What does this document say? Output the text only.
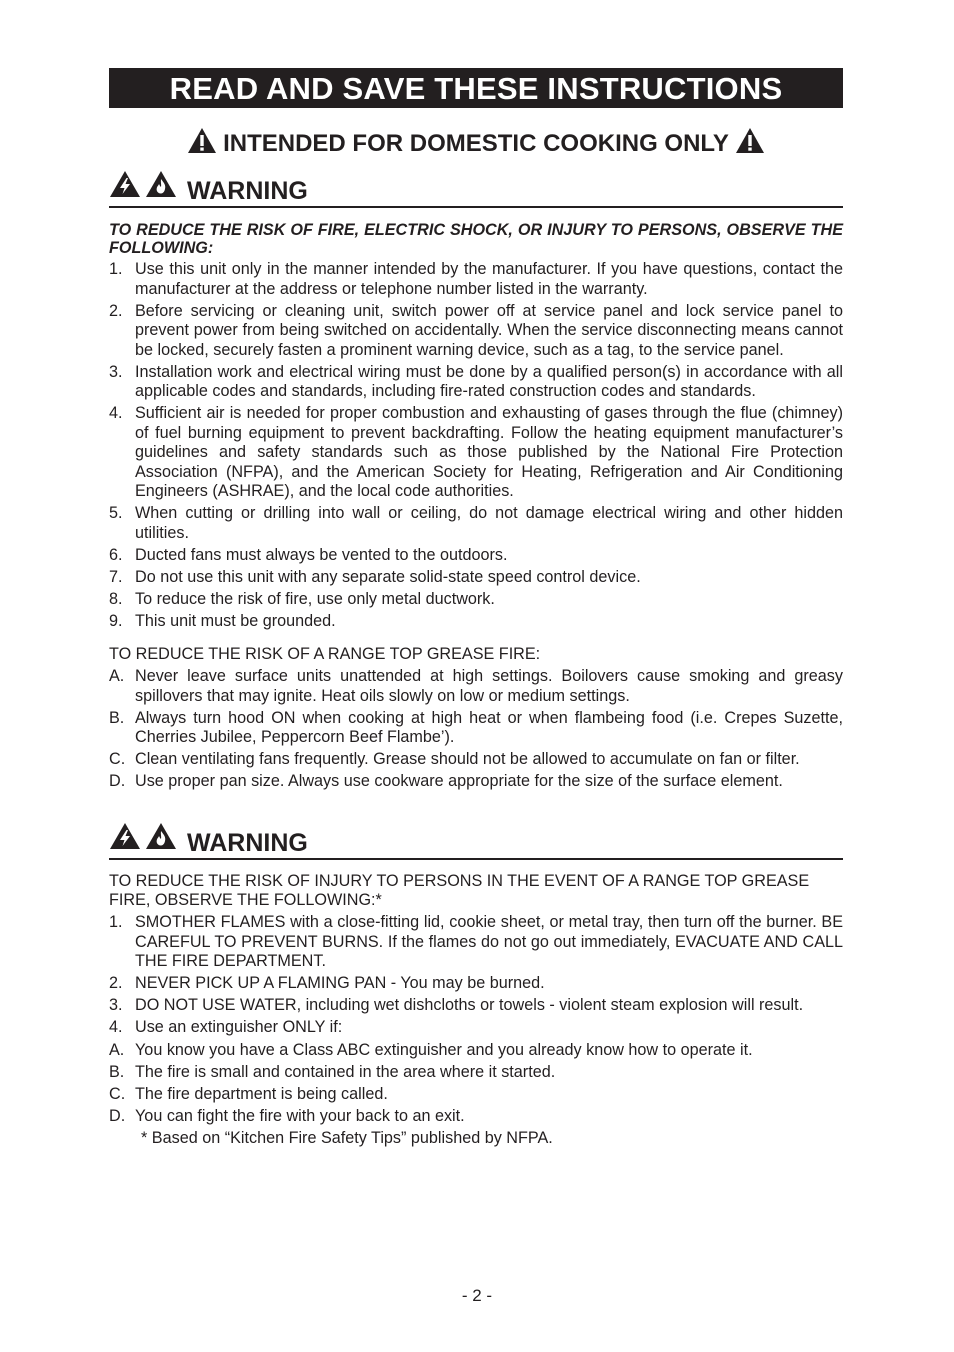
READ AND SAVE THESE INSTRUCTIONS
INTENDED FOR DOMESTIC COOKING ONLY
WARNING
TO REDUCE THE RISK OF FIRE, ELECTRIC SHOCK, OR INJURY TO PERSONS, OBSERVE THE FOLLOWING:
1. Use this unit only in the manner intended by the manufacturer. If you have questions, contact the manufacturer at the address or telephone number listed in the warranty.
2. Before servicing or cleaning unit, switch power off at service panel and lock service panel to prevent power from being switched on accidentally. When the service disconnecting means cannot be locked, securely fasten a prominent warning device, such as a tag, to the service panel.
3. Installation work and electrical wiring must be done by a qualified person(s) in accordance with all applicable codes and standards, including fire-rated construction codes and standards.
4. Sufficient air is needed for proper combustion and exhausting of gases through the flue (chimney) of fuel burning equipment to prevent backdrafting. Follow the heating equipment manufacturer’s guidelines and safety standards such as those published by the National Fire Protection Association (NFPA), and the American Society for Heating, Refrigeration and Air Conditioning Engineers (ASHRAE), and the local code authorities.
5. When cutting or drilling into wall or ceiling, do not damage electrical wiring and other hidden utilities.
6. Ducted fans must always be vented to the outdoors.
7. Do not use this unit with any separate solid-state speed control device.
8. To reduce the risk of fire, use only metal ductwork.
9. This unit must be grounded.
TO REDUCE THE RISK OF A RANGE TOP GREASE FIRE:
A. Never leave surface units unattended at high settings. Boilovers cause smoking and greasy spillovers that may ignite. Heat oils slowly on low or medium settings.
B. Always turn hood ON when cooking at high heat or when flambeing food (i.e. Crepes Suzette, Cherries Jubilee, Peppercorn Beef Flambe’).
C. Clean ventilating fans frequently. Grease should not be allowed to accumulate on fan or filter.
D. Use proper pan size. Always use cookware appropriate for the size of the surface element.
WARNING
TO REDUCE THE RISK OF INJURY TO PERSONS IN THE EVENT OF A RANGE TOP GREASE FIRE, OBSERVE THE FOLLOWING:*
1. SMOTHER FLAMES with a close-fitting lid, cookie sheet, or metal tray, then turn off the burner. BE CAREFUL TO PREVENT BURNS. If the flames do not go out immediately, EVACUATE AND CALL THE FIRE DEPARTMENT.
2. NEVER PICK UP A FLAMING PAN - You may be burned.
3. DO NOT USE WATER, including wet dishcloths or towels - violent steam explosion will result.
4. Use an extinguisher ONLY if:
A. You know you have a Class ABC extinguisher and you already know how to operate it.
B. The fire is small and contained in the area where it started.
C. The fire department is being called.
D. You can fight the fire with your back to an exit.
* Based on “Kitchen Fire Safety Tips” published by NFPA.
- 2 -
